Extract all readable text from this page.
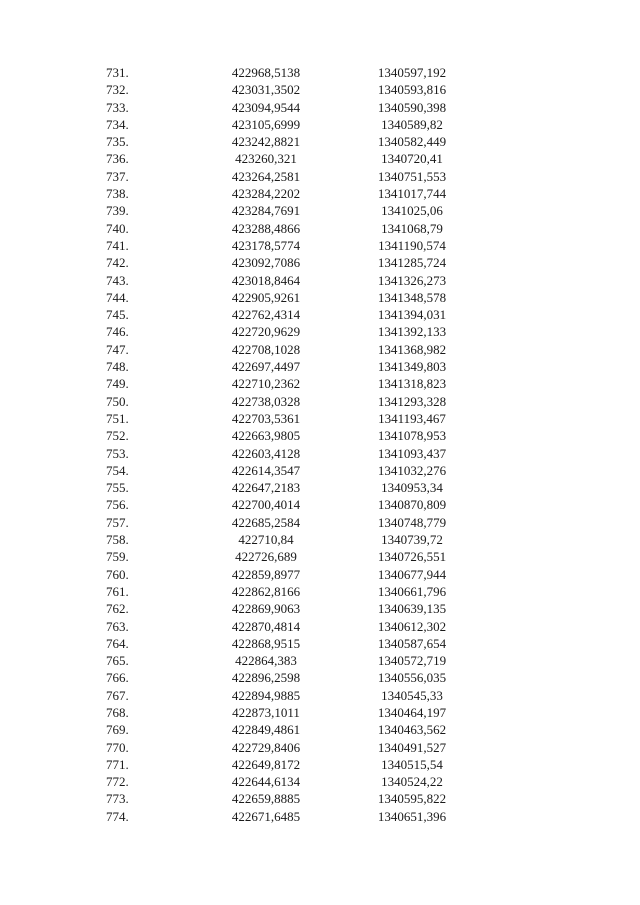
731.	422968,5138	1340597,192
732.	423031,3502	1340593,816
733.	423094,9544	1340590,398
734.	423105,6999	1340589,82
735.	423242,8821	1340582,449
736.	423260,321	1340720,41
737.	423264,2581	1340751,553
738.	423284,2202	1341017,744
739.	423284,7691	1341025,06
740.	423288,4866	1341068,79
741.	423178,5774	1341190,574
742.	423092,7086	1341285,724
743.	423018,8464	1341326,273
744.	422905,9261	1341348,578
745.	422762,4314	1341394,031
746.	422720,9629	1341392,133
747.	422708,1028	1341368,982
748.	422697,4497	1341349,803
749.	422710,2362	1341318,823
750.	422738,0328	1341293,328
751.	422703,5361	1341193,467
752.	422663,9805	1341078,953
753.	422603,4128	1341093,437
754.	422614,3547	1341032,276
755.	422647,2183	1340953,34
756.	422700,4014	1340870,809
757.	422685,2584	1340748,779
758.	422710,84	1340739,72
759.	422726,689	1340726,551
760.	422859,8977	1340677,944
761.	422862,8166	1340661,796
762.	422869,9063	1340639,135
763.	422870,4814	1340612,302
764.	422868,9515	1340587,654
765.	422864,383	1340572,719
766.	422896,2598	1340556,035
767.	422894,9885	1340545,33
768.	422873,1011	1340464,197
769.	422849,4861	1340463,562
770.	422729,8406	1340491,527
771.	422649,8172	1340515,54
772.	422644,6134	1340524,22
773.	422659,8885	1340595,822
774.	422671,6485	1340651,396
